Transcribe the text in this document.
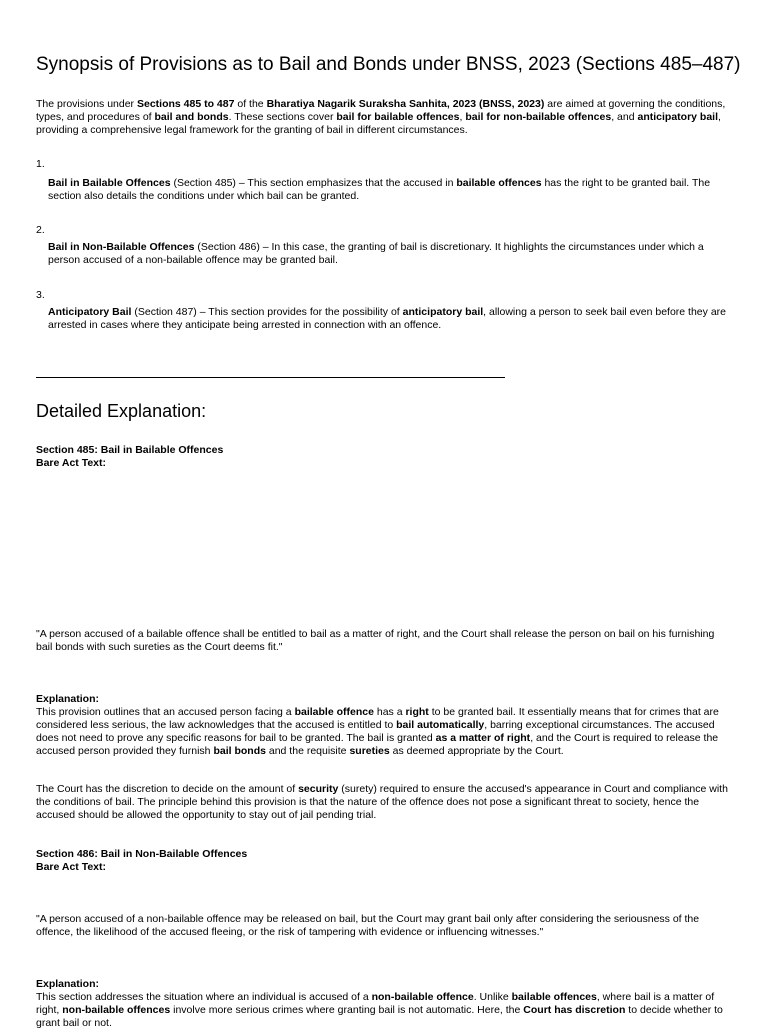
Synopsis of Provisions as to Bail and Bonds under BNSS, 2023 (Sections 485–487)

The provisions under Sections 485 to 487 of the Bharatiya Nagarik Suraksha Sanhita, 2023 (BNSS, 2023) are aimed at governing the conditions, types, and procedures of bail and bonds. These sections cover bail for bailable offences, bail for non-bailable offences, and anticipatory bail, providing a comprehensive legal framework for the granting of bail in different circumstances.

1.

Bail in Bailable Offences (Section 485) – This section emphasizes that the accused in bailable offences has the right to be granted bail. The section also details the conditions under which bail can be granted.

2.

Bail in Non-Bailable Offences (Section 486) – In this case, the granting of bail is discretionary. It highlights the circumstances under which a person accused of a non-bailable offence may be granted bail.

3.

Anticipatory Bail (Section 487) – This section provides for the possibility of anticipatory bail, allowing a person to seek bail even before they are arrested in cases where they anticipate being arrested in connection with an offence.

Detailed Explanation:

Section 485: Bail in Bailable Offences

Bare Act Text:

"A person accused of a bailable offence shall be entitled to bail as a matter of right, and the Court shall release the person on bail on his furnishing bail bonds with such sureties as the Court deems fit."

Explanation:

This provision outlines that an accused person facing a bailable offence has a right to be granted bail. It essentially means that for crimes that are considered less serious, the law acknowledges that the accused is entitled to bail automatically, barring exceptional circumstances. The accused does not need to prove any specific reasons for bail to be granted. The bail is granted as a matter of right, and the Court is required to release the accused person provided they furnish bail bonds and the requisite sureties as deemed appropriate by the Court.

The Court has the discretion to decide on the amount of security (surety) required to ensure the accused's appearance in Court and compliance with the conditions of bail. The principle behind this provision is that the nature of the offence does not pose a significant threat to society, hence the accused should be allowed the opportunity to stay out of jail pending trial.

Section 486: Bail in Non-Bailable Offences

Bare Act Text:

"A person accused of a non-bailable offence may be released on bail, but the Court may grant bail only after considering the seriousness of the offence, the likelihood of the accused fleeing, or the risk of tampering with evidence or influencing witnesses."

Explanation:

This section addresses the situation where an individual is accused of a non-bailable offence. Unlike bailable offences, where bail is a matter of right, non-bailable offences involve more serious crimes where granting bail is not automatic. Here, the Court has discretion to decide whether to grant bail or not.
